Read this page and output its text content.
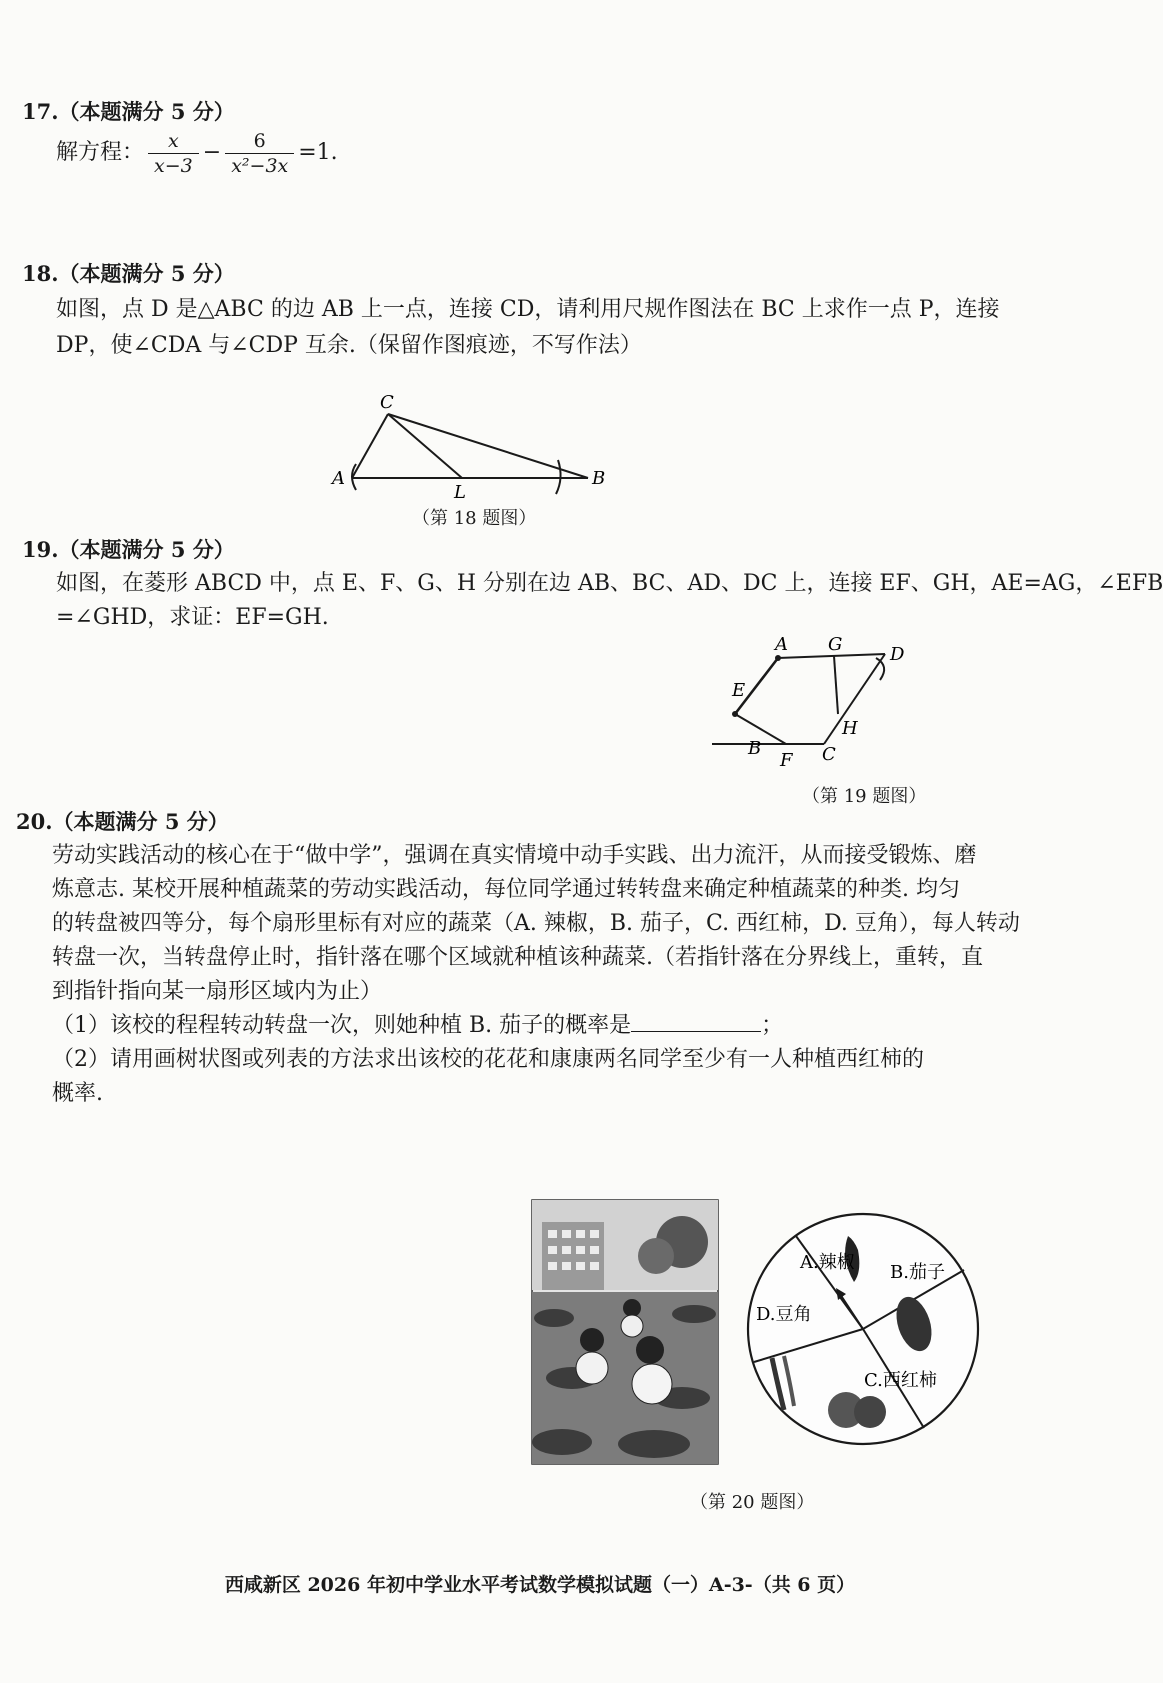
17.（本题满分 5 分）
解方程： $\frac{x}{x-3} - \frac{6}{\text{x²−3x}} =1$.
18.（本题满分 5 分）
如图，点 D 是△ABC 的边 AB 上一点，连接 CD，请利用尺规作图法在 BC 上求作一点 P，连接
DP，使∠CDA 与∠CDP 互余.（保留作图痕迹，不写作法）
A	B
C
L
（第 18 题图）
19.（本题满分 5 分）
如图，在菱形 ABCD 中，点 E、F、G、H 分别在边 AB、BC、AD、DC 上，连接 EF、GH，AE=AG，∠EFB
=∠GHD，求证：EF=GH.
A G	D
E
H
F C
B
（第 19 题图）
20.（本题满分 5 分）
劳动实践活动的核心在于“做中学”，强调在真实情境中动手实践、出力流汗，从而接受锻炼、磨
炼意志. 某校开展种植蔬菜的劳动实践活动，每位同学通过转转盘来确定种植蔬菜的种类. 均匀
的转盘被四等分，每个扇形里标有对应的蔬菜（A. 辣椒，B. 茄子，C. 西红柿，D. 豆角），每人转动
转盘一次，当转盘停止时，指针落在哪个区域就种植该种蔬菜.（若指针落在分界线上，重转，直
到指针指向某一扇形区域内为止）
（1）该校的程程转动转盘一次，则她种植 B. 茄子的概率是	；
（2）请用画树状图或列表的方法求出该校的花花和康康两名同学至少有一人种植西红柿的
概率.
A.辣椒 B.茄子
C.西红柿
D.豆角
（第 20 题图）
西咸新区 2026 年初中学业水平考试数学模拟试题（一）A-3-（共 6 页）
